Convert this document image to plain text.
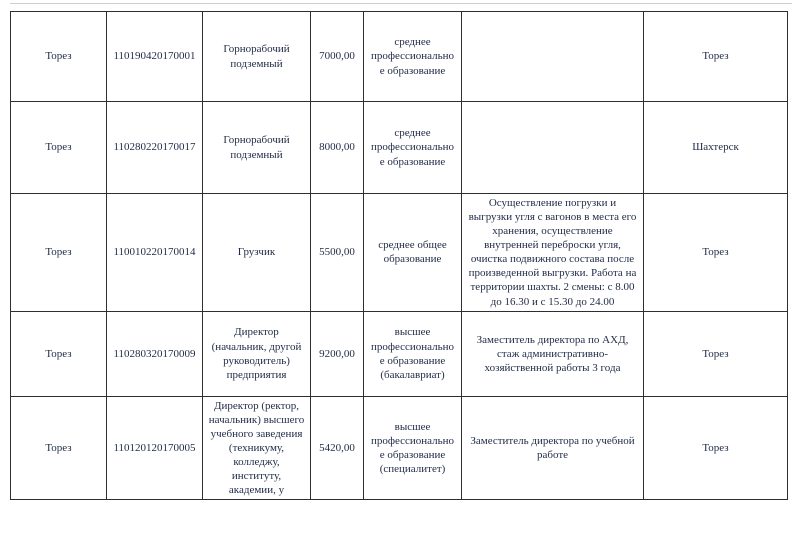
Торез	110190420170001	Горнорабочий подземный	7000,00	среднее профессиональное образование		Торез
Торез	110280220170017	Горнорабочий подземный	8000,00	среднее профессиональное образование		Шахтерск
Торез	110010220170014	Грузчик	5500,00	среднее общее образование	Осуществление погрузки и выгрузки угля с вагонов в места его хранения, осуществление внутренней переброски угля, очистка подвижного состава после произведенной выгрузки. Работа на территории шахты. 2 смены: с 8.00 до 16.30 и с 15.30 до 24.00	Торез
Торез	110280320170009	Директор (начальник, другой руководитель) предприятия	9200,00	высшее профессиональное образование (бакалавриат)	Заместитель директора по АХД, стаж административно-хозяйственной работы 3 года	Торез
Торез	110120120170005	Директор (ректор, начальник) высшего учебного заведения (техникуму, колледжу, институту, академии, у	5420,00	высшее профессиональное образование (специалитет)	Заместитель директора по учебной работе	Торез
